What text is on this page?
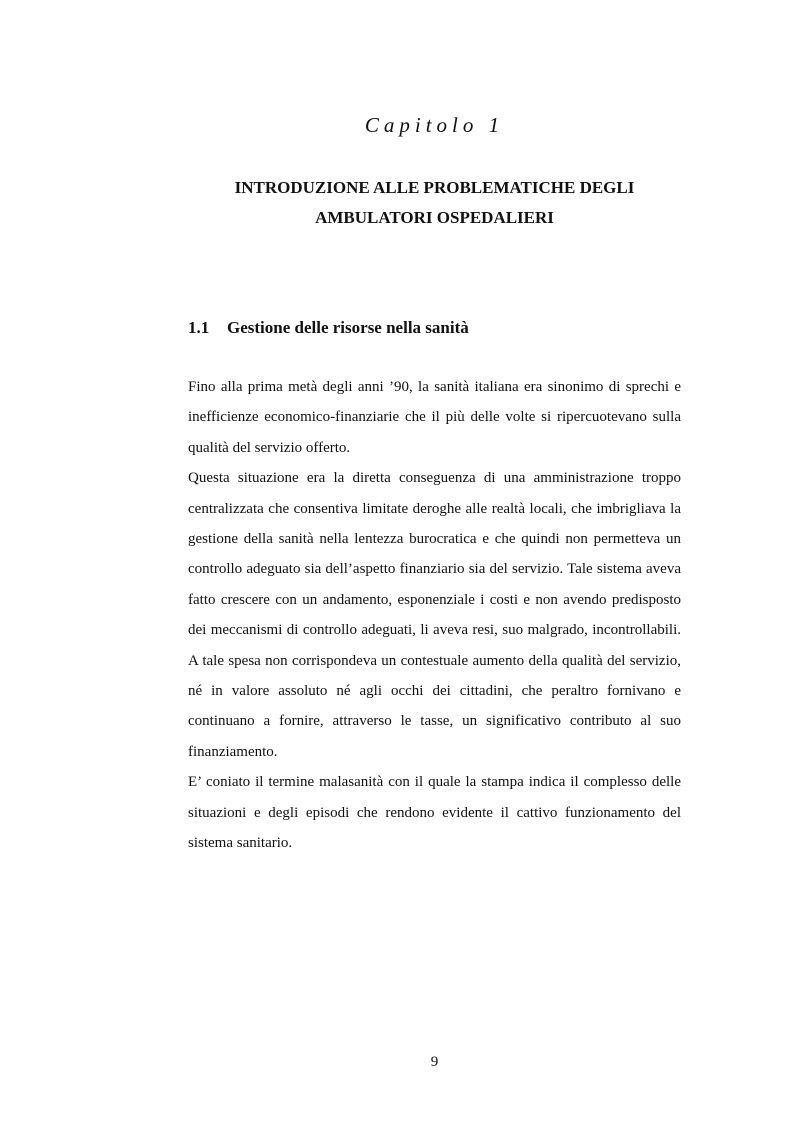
Capitolo 1
INTRODUZIONE ALLE PROBLEMATICHE DEGLI
AMBULATORI OSPEDALIERI
1.1 Gestione delle risorse nella sanità

Fino alla prima metà degli anni ’90, la sanità italiana era sinonimo di sprechi e inefficienze economico-finanziarie che il più delle volte si ripercuotevano sulla qualità del servizio offerto.

Questa situazione era la diretta conseguenza di una amministrazione troppo centralizzata che consentiva limitate deroghe alle realtà locali, che imbrigliava la gestione della sanità nella lentezza burocratica e che quindi non permetteva un controllo adeguato sia dell’aspetto finanziario sia del servizio. Tale sistema aveva fatto crescere con un andamento, esponenziale i costi e non avendo predisposto dei meccanismi di controllo adeguati, li aveva resi, suo malgrado, incontrollabili. A tale spesa non corrispondeva un contestuale aumento della qualità del servizio, né in valore assoluto né agli occhi dei cittadini, che peraltro fornivano e continuano a fornire, attraverso le tasse, un significativo contributo al suo finanziamento.

E’ coniato il termine malasanità con il quale la stampa indica il complesso delle situazioni e degli episodi che rendono evidente il cattivo funzionamento del sistema sanitario.

9
